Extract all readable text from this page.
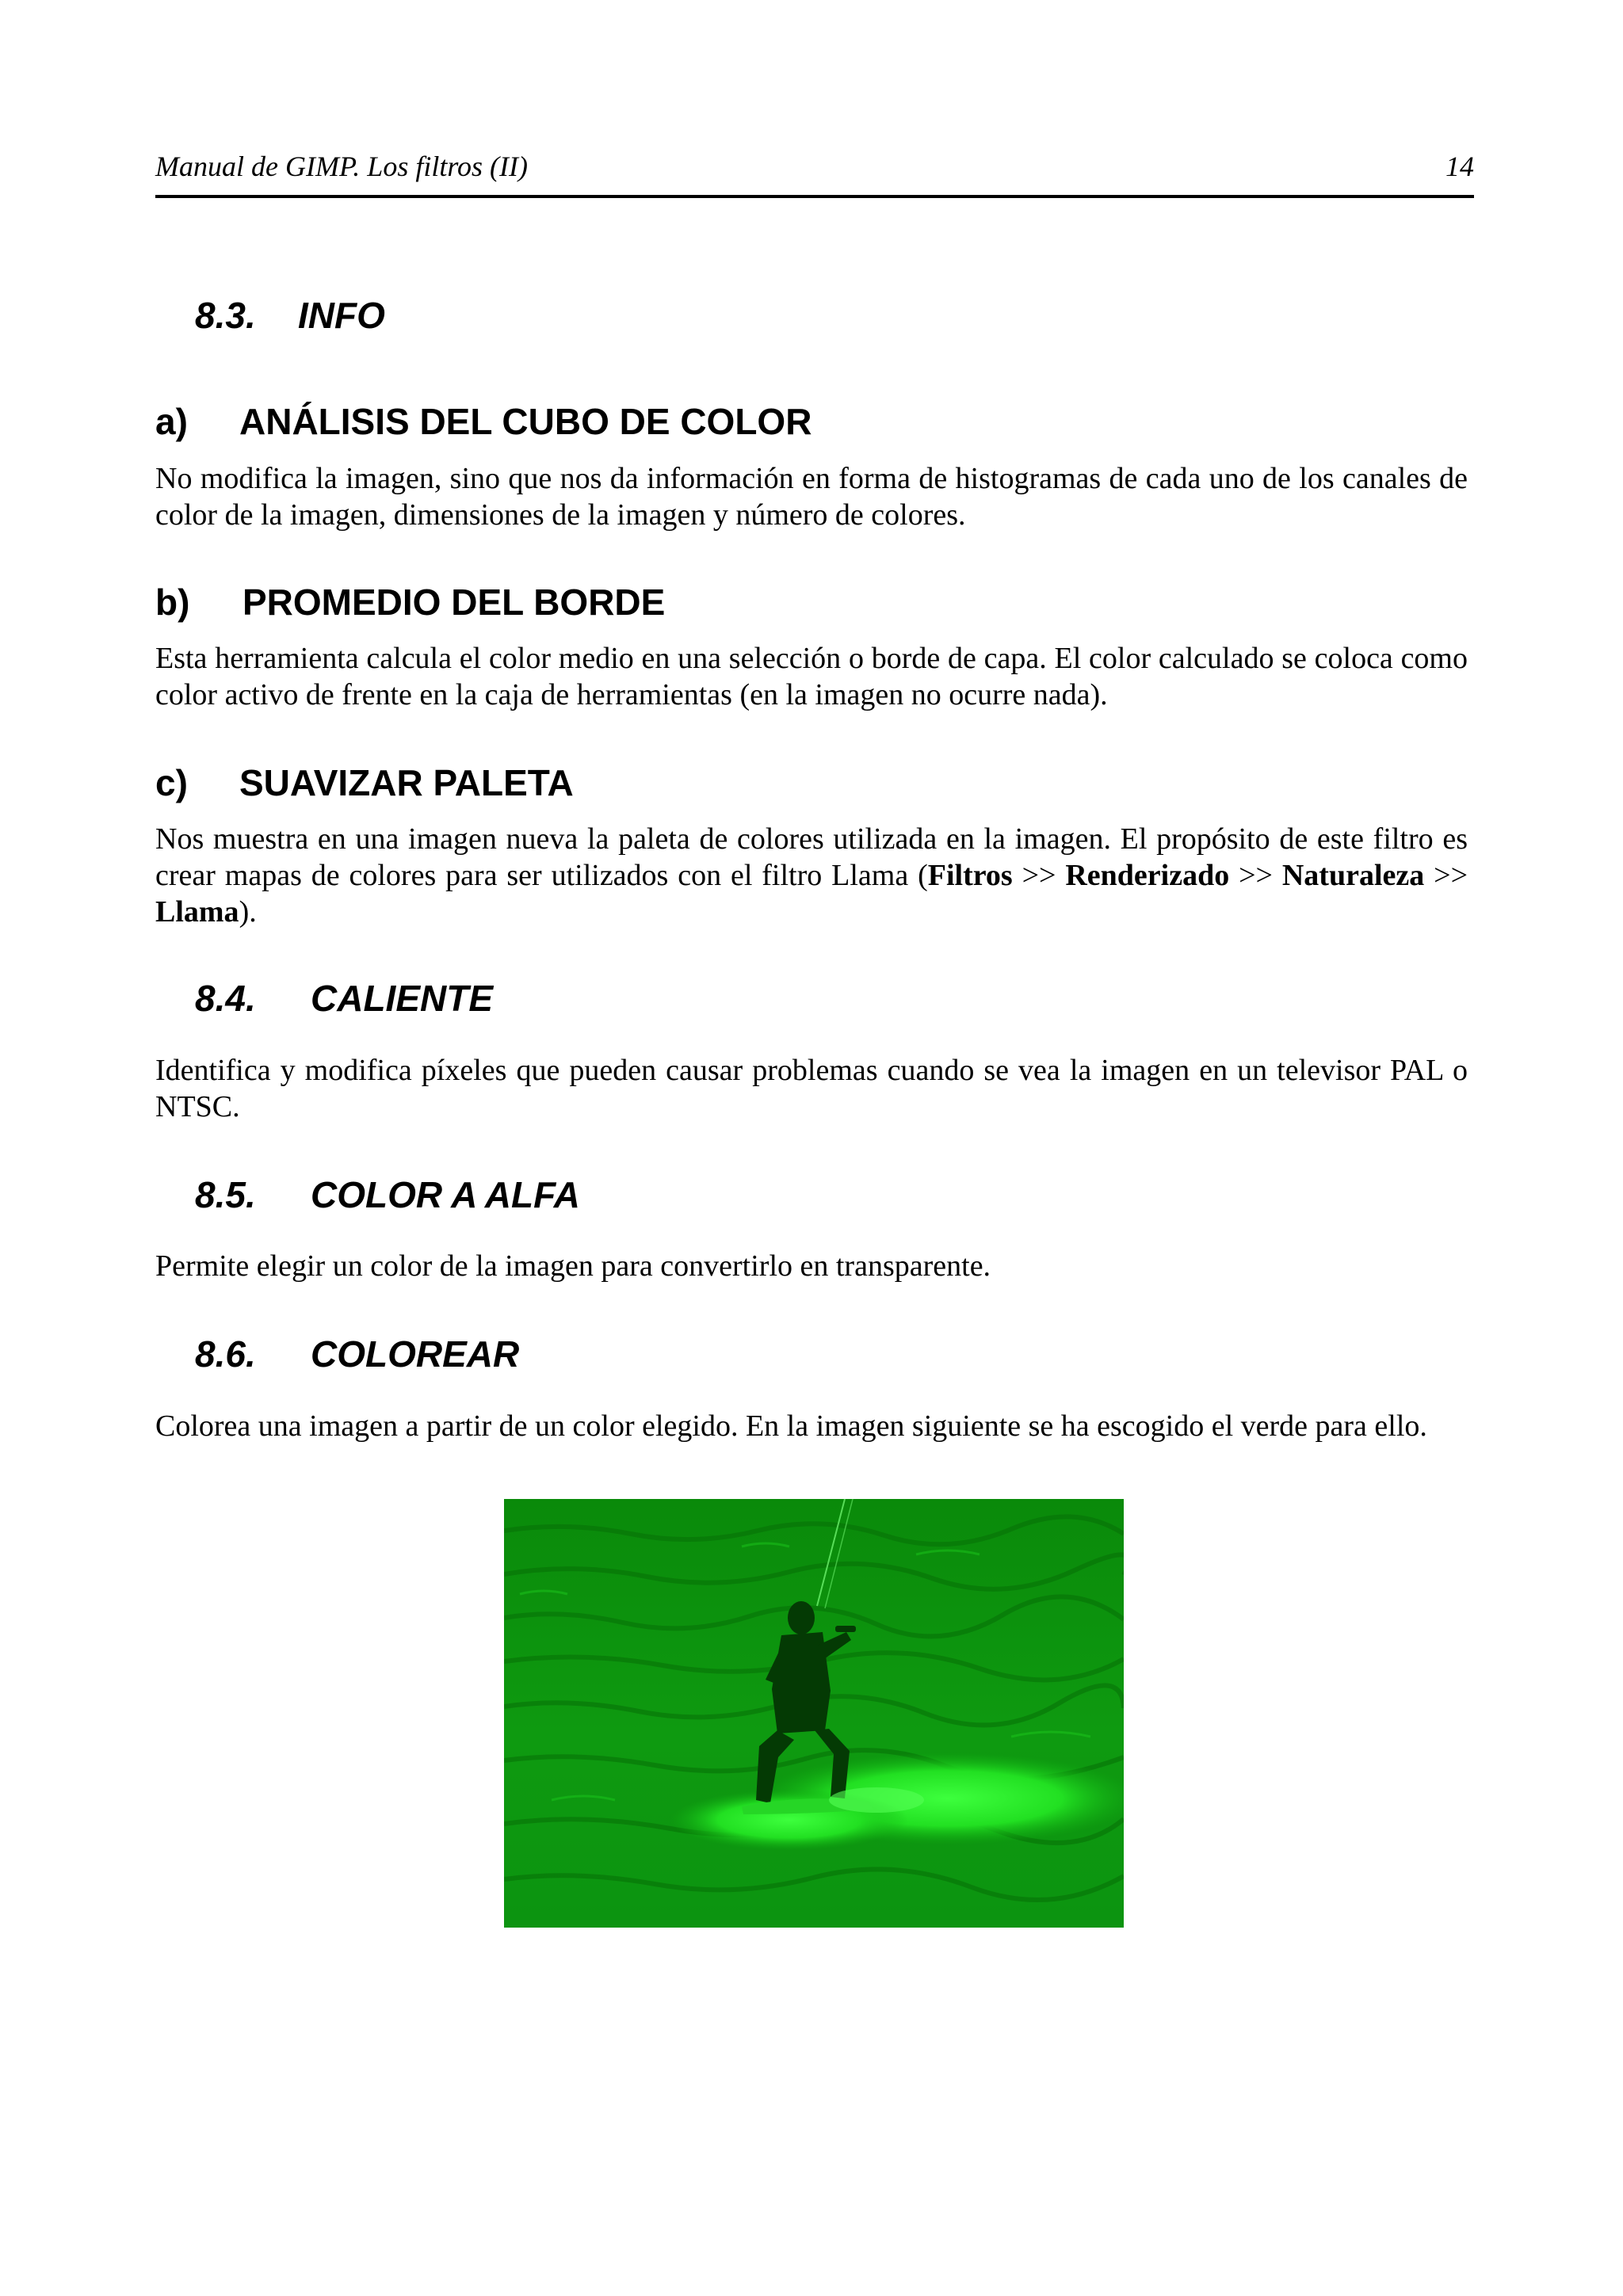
Manual de GIMP. Los filtros (II)	14
8.3.	INFO
a)	ANÁLISIS DEL CUBO DE COLOR
No modifica la imagen, sino que nos da información en forma de histogramas de cada uno de los canales de color de la imagen, dimensiones de la imagen y número de colores.
b)	PROMEDIO DEL BORDE
Esta herramienta calcula el color medio en una selección o borde de capa. El color calculado se coloca como color activo de frente en la caja de herramientas (en la imagen no ocurre nada).
c)	SUAVIZAR PALETA
Nos muestra en una imagen nueva la paleta de colores utilizada en la imagen. El propósito de este filtro es crear mapas de colores para ser utilizados con el filtro Llama (Filtros >> Renderizado >> Naturaleza >> Llama).
8.4.	CALIENTE
Identifica y modifica píxeles que pueden causar problemas cuando se vea la imagen en un televisor PAL o NTSC.
8.5.	COLOR A ALFA
Permite elegir un color de la imagen para convertirlo en transparente.
8.6.	COLOREAR
Colorea una imagen a partir de un color elegido. En la imagen siguiente se ha escogido el verde para ello.
